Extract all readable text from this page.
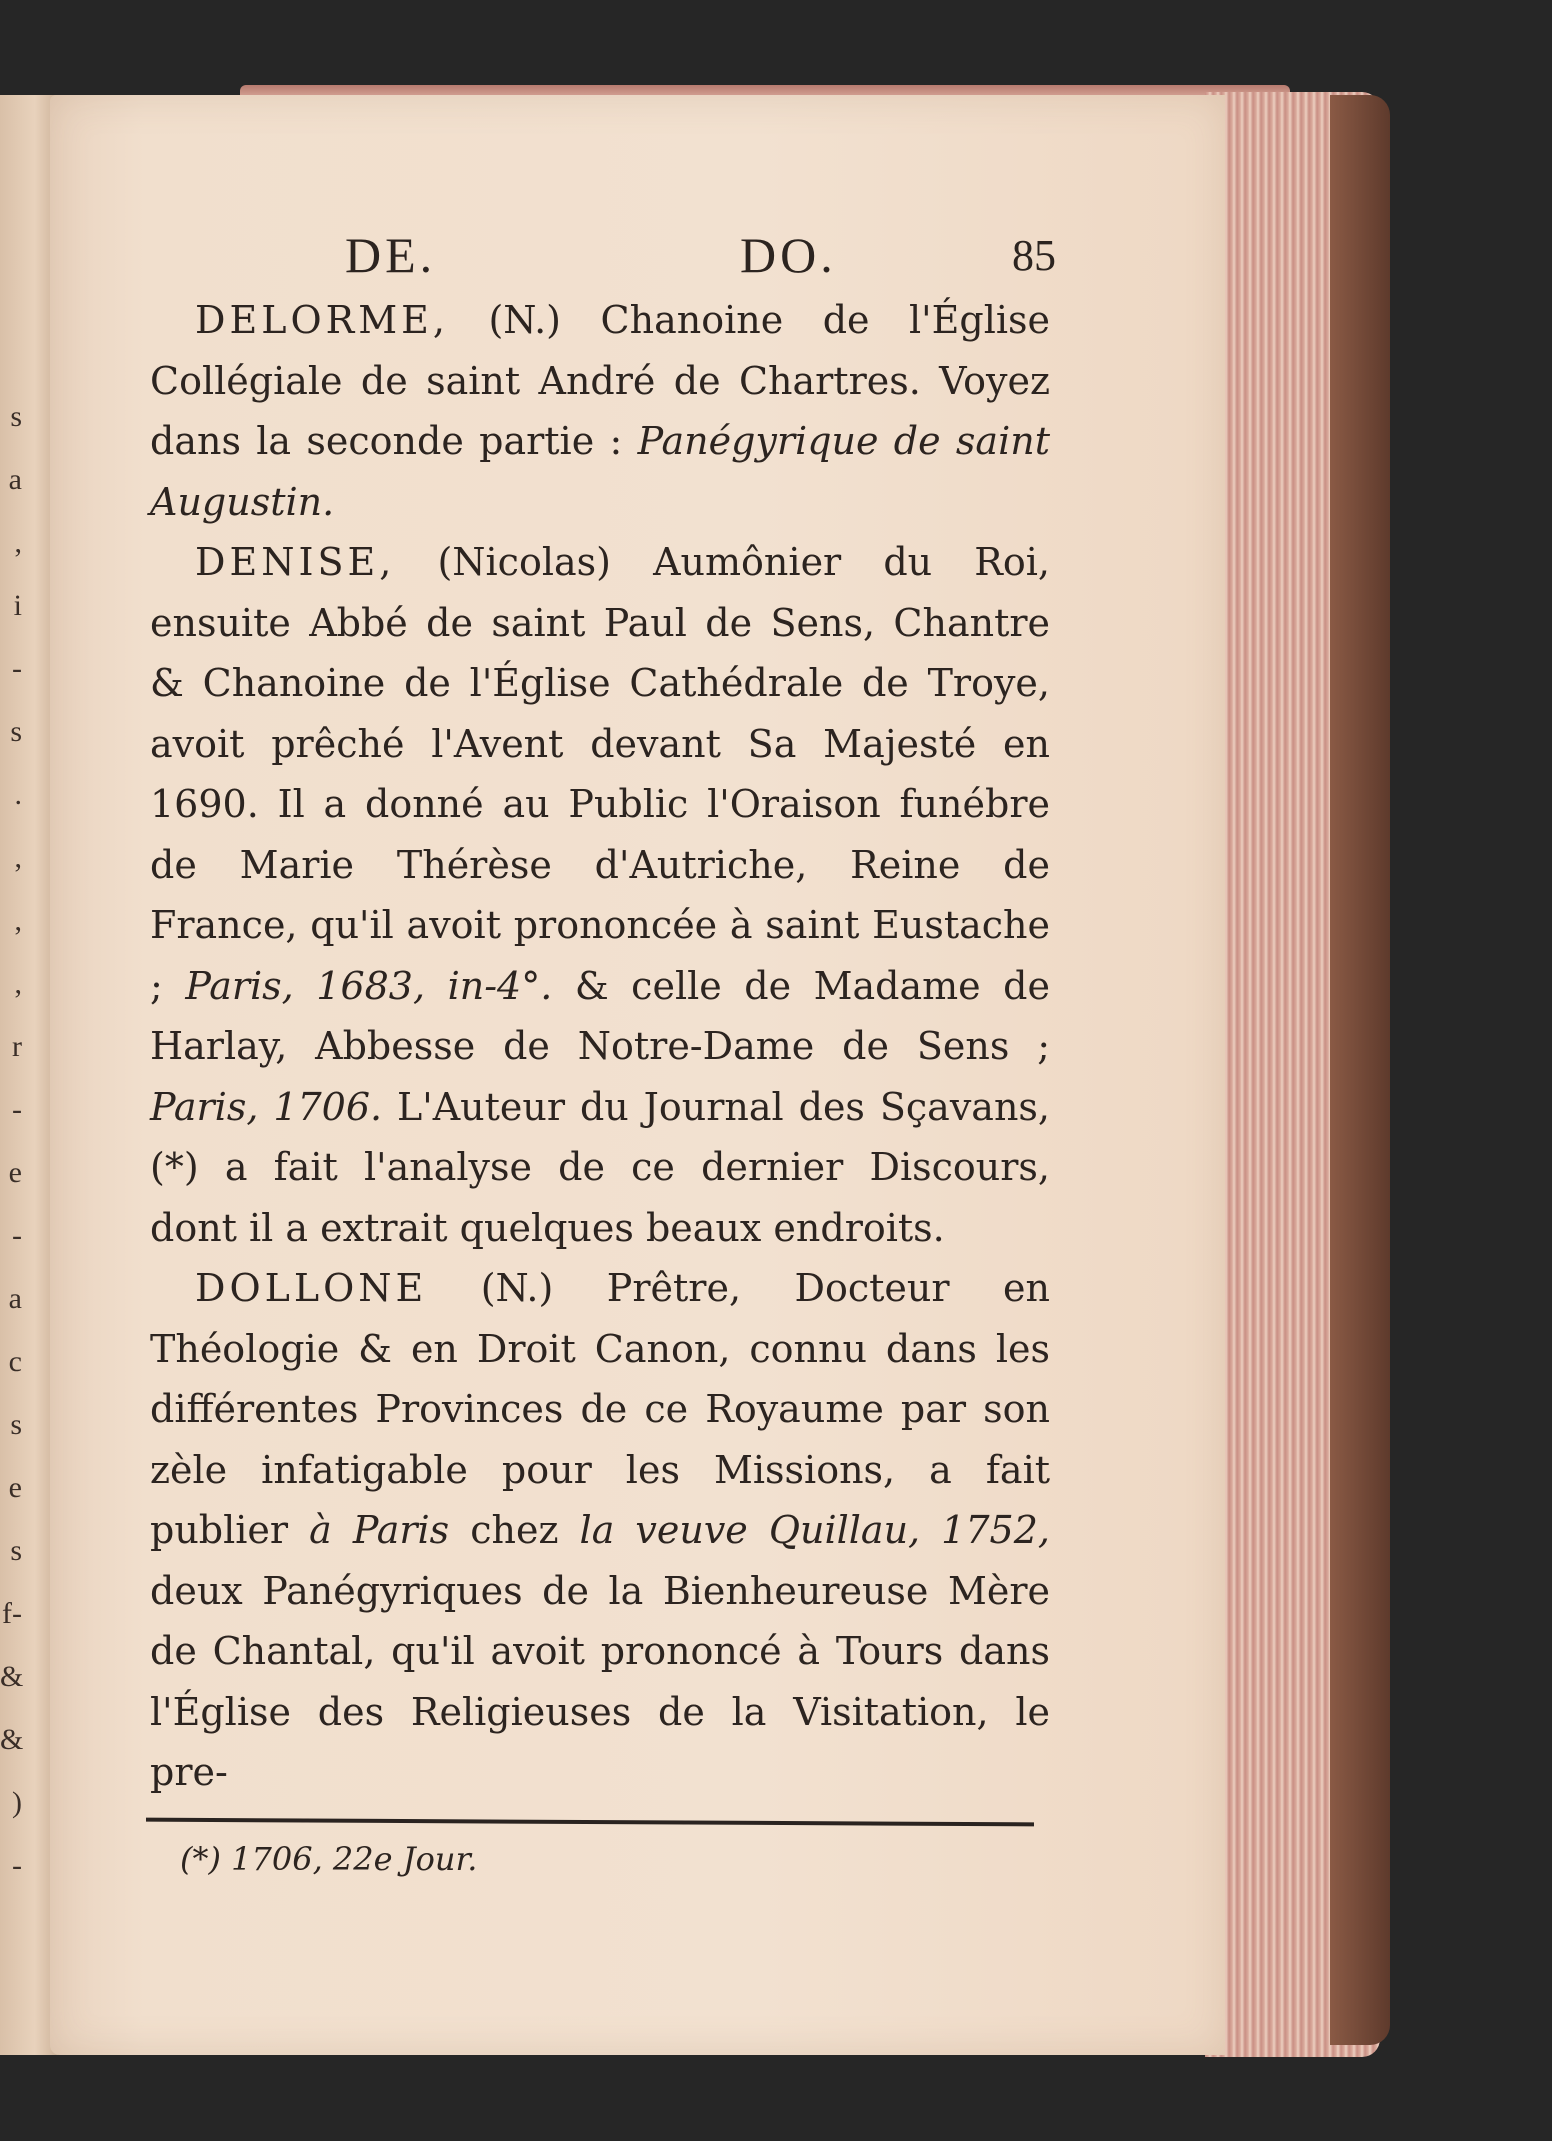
s
a
,
i
-
s
.
,
,
,
r
-
e
-
a
c
s
e
s
f-
&
&
)
-
DE.	DO.	85

DELORME, (N.) Chanoine de l'Église Collégiale de saint André de Chartres. Voyez dans la seconde partie : Panégyrique de saint Augustin.

DENISE, (Nicolas) Aumônier du Roi, ensuite Abbé de saint Paul de Sens, Chantre & Chanoine de l'Église Cathédrale de Troye, avoit prêché l'Avent devant Sa Majesté en 1690. Il a donné au Public l'Oraison funébre de Marie Thérèse d'Autriche, Reine de France, qu'il avoit prononcée à saint Eustache ; Paris, 1683, in-4°. & celle de Madame de Harlay, Abbesse de Notre-Dame de Sens ; Paris, 1706. L'Auteur du Journal des Sçavans, (*) a fait l'analyse de ce dernier Discours, dont il a extrait quelques beaux endroits.

DOLLONE (N.) Prêtre, Docteur en Théologie & en Droit Canon, connu dans les différentes Provinces de ce Royaume par son zèle infatigable pour les Missions, a fait publier à Paris chez la veuve Quillau, 1752, deux Panégyriques de la Bienheureuse Mère de Chantal, qu'il avoit prononcé à Tours dans l'Église des Religieuses de la Visitation, le pre-

(*) 1706, 22e Jour.
